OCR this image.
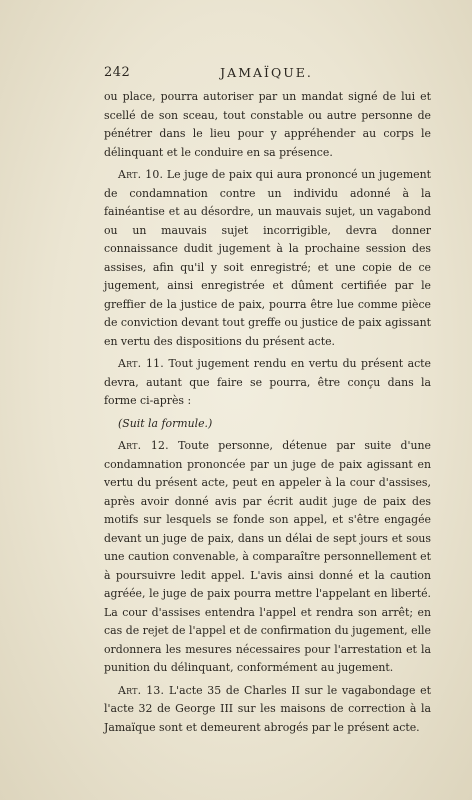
242	JAMAÏQUE.

ou place, pourra autoriser par un mandat signé de lui et scellé de son sceau, tout constable ou autre personne de pénétrer dans le lieu pour y appréhender au corps le délinquant et le conduire en sa présence.

Art. 10. Le juge de paix qui aura prononcé un jugement de condamnation contre un individu adonné à la fainéantise et au désordre, un mauvais sujet, un vagabond ou un mauvais sujet incorrigible, devra donner connaissance dudit jugement à la prochaine session des assises, afin qu'il y soit enregistré; et une copie de ce jugement, ainsi enregistrée et dûment certifiée par le greffier de la justice de paix, pourra être lue comme pièce de conviction devant tout greffe ou justice de paix agissant en vertu des dispositions du présent acte.

Art. 11. Tout jugement rendu en vertu du présent acte devra, autant que faire se pourra, être conçu dans la forme ci-après :

(Suit la formule.)

Art. 12. Toute personne, détenue par suite d'une condamnation prononcée par un juge de paix agissant en vertu du présent acte, peut en appeler à la cour d'assises, après avoir donné avis par écrit audit juge de paix des motifs sur lesquels se fonde son appel, et s'être engagée devant un juge de paix, dans un délai de sept jours et sous une caution convenable, à comparaître personnellement et à poursuivre ledit appel. L'avis ainsi donné et la caution agréée, le juge de paix pourra mettre l'appelant en liberté. La cour d'assises entendra l'appel et rendra son arrêt; en cas de rejet de l'appel et de confirmation du jugement, elle ordonnera les mesures nécessaires pour l'arrestation et la punition du délinquant, conformément au jugement.

Art. 13. L'acte 35 de Charles II sur le vagabondage et l'acte 32 de George III sur les maisons de correction à la Jamaïque sont et demeurent abrogés par le présent acte.
